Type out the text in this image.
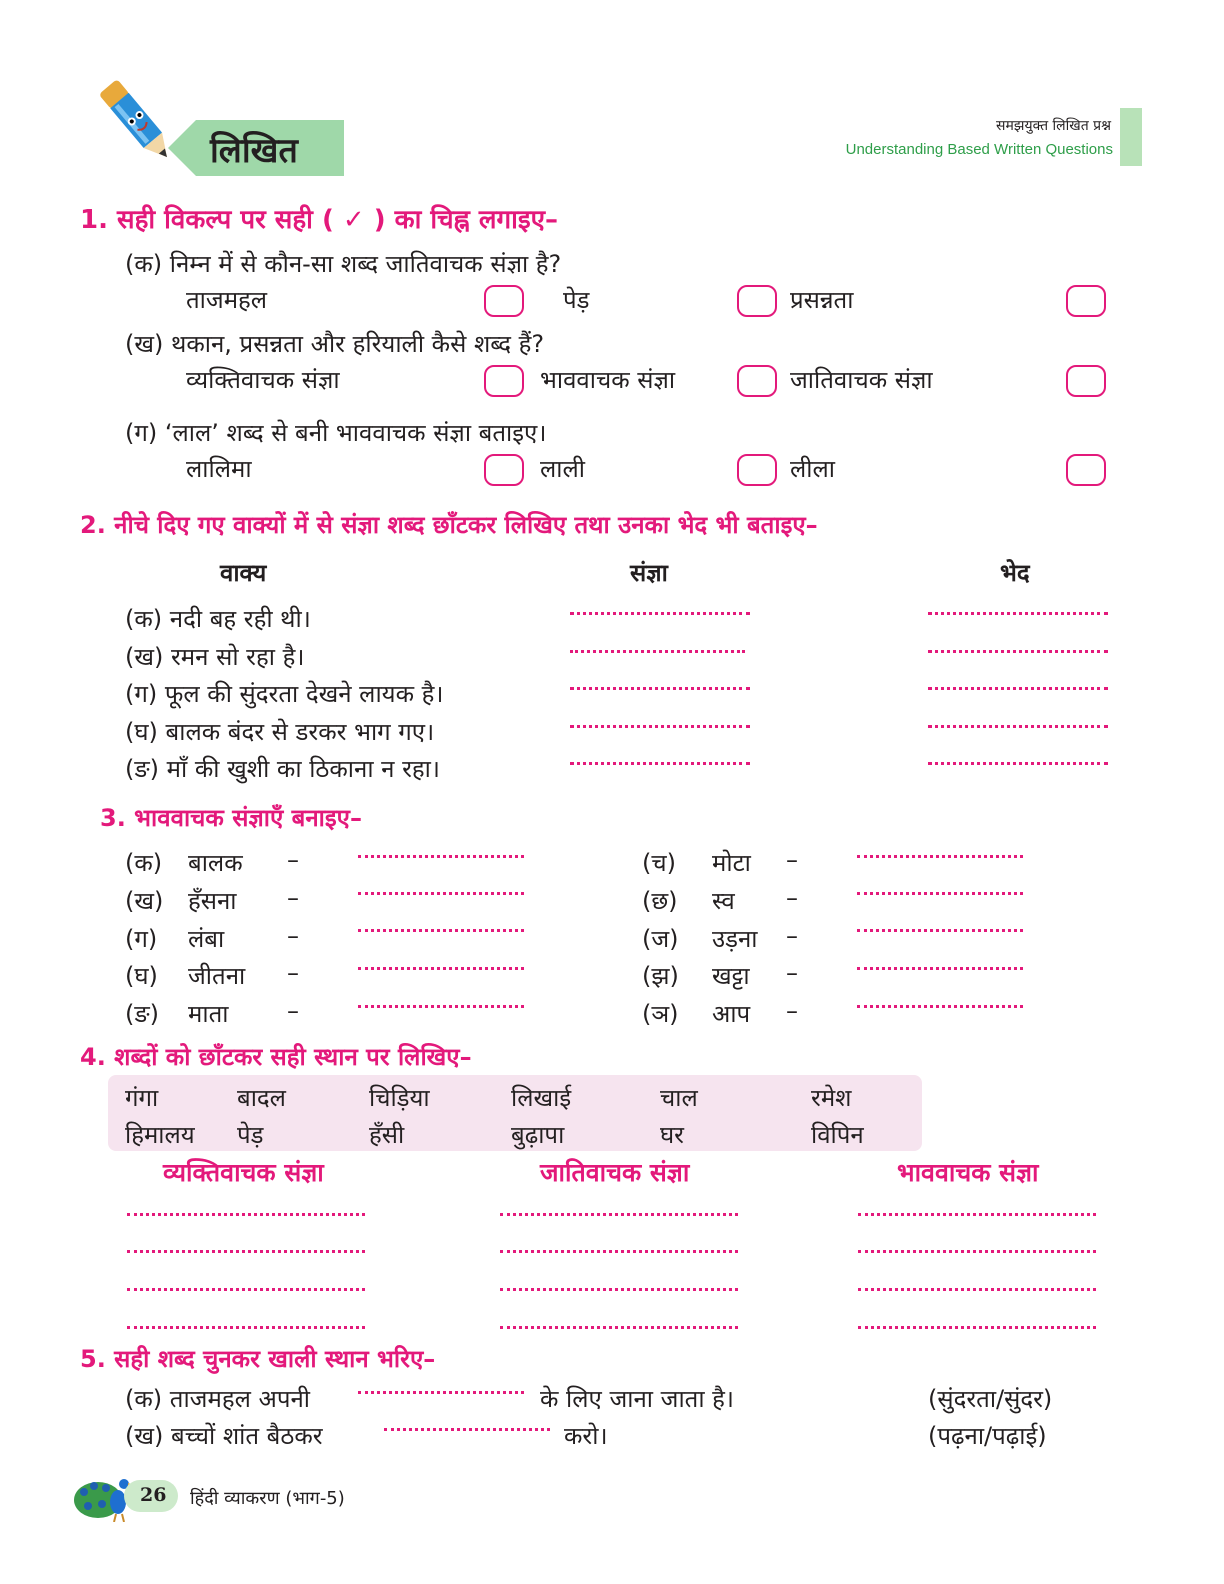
लिखित
समझयुक्त लिखित प्रश्न
Understanding Based Written Questions
1. सही विकल्प पर सही ( ✓ ) का चिह्न लगाइए–
(क) निम्न में से कौन-सा शब्द जातिवाचक संज्ञा है?
ताजमहल	पेड़	प्रसन्नता
(ख) थकान, प्रसन्नता और हरियाली कैसे शब्द हैं?
व्यक्तिवाचक संज्ञा	भाववाचक संज्ञा	जातिवाचक संज्ञा
(ग) ‘लाल’ शब्द से बनी भाववाचक संज्ञा बताइए।
लालिमा	लाली	लीला
2. नीचे दिए गए वाक्यों में से संज्ञा शब्द छाँटकर लिखिए तथा उनका भेद भी बताइए–
वाक्य	संज्ञा	भेद
(क) नदी बह रही थी।
(ख) रमन सो रहा है।
(ग) फूल की सुंदरता देखने लायक है।
(घ) बालक बंदर से डरकर भाग गए।
(ङ) माँ की खुशी का ठिकाना न रहा।
3. भाववाचक संज्ञाएँ बनाइए–
(क) बालक –
(ख) हँसना –
(ग) लंबा	–
(घ) जीतना –
(ङ) माता –
(च) मोटा –
(छ) स्व –
(ज) उड़ना –
(झ) खट्टा –
(ञ) आप –
4. शब्दों को छाँटकर सही स्थान पर लिखिए–
गंगा	बादल	चिड़िया	लिखाई	चाल	रमेश
हिमालय पेड़	हँसी	बुढ़ापा	घर	विपिन
व्यक्तिवाचक संज्ञा	जातिवाचक संज्ञा	भाववाचक संज्ञा
5. सही शब्द चुनकर खाली स्थान भरिए–
(क) ताजमहल अपनी	के लिए जाना जाता है।	(सुंदरता/सुंदर)
(ख) बच्चों शांत बैठकर	करो।	(पढ़ना/पढ़ाई)
26 हिंदी व्याकरण (भाग-5)
